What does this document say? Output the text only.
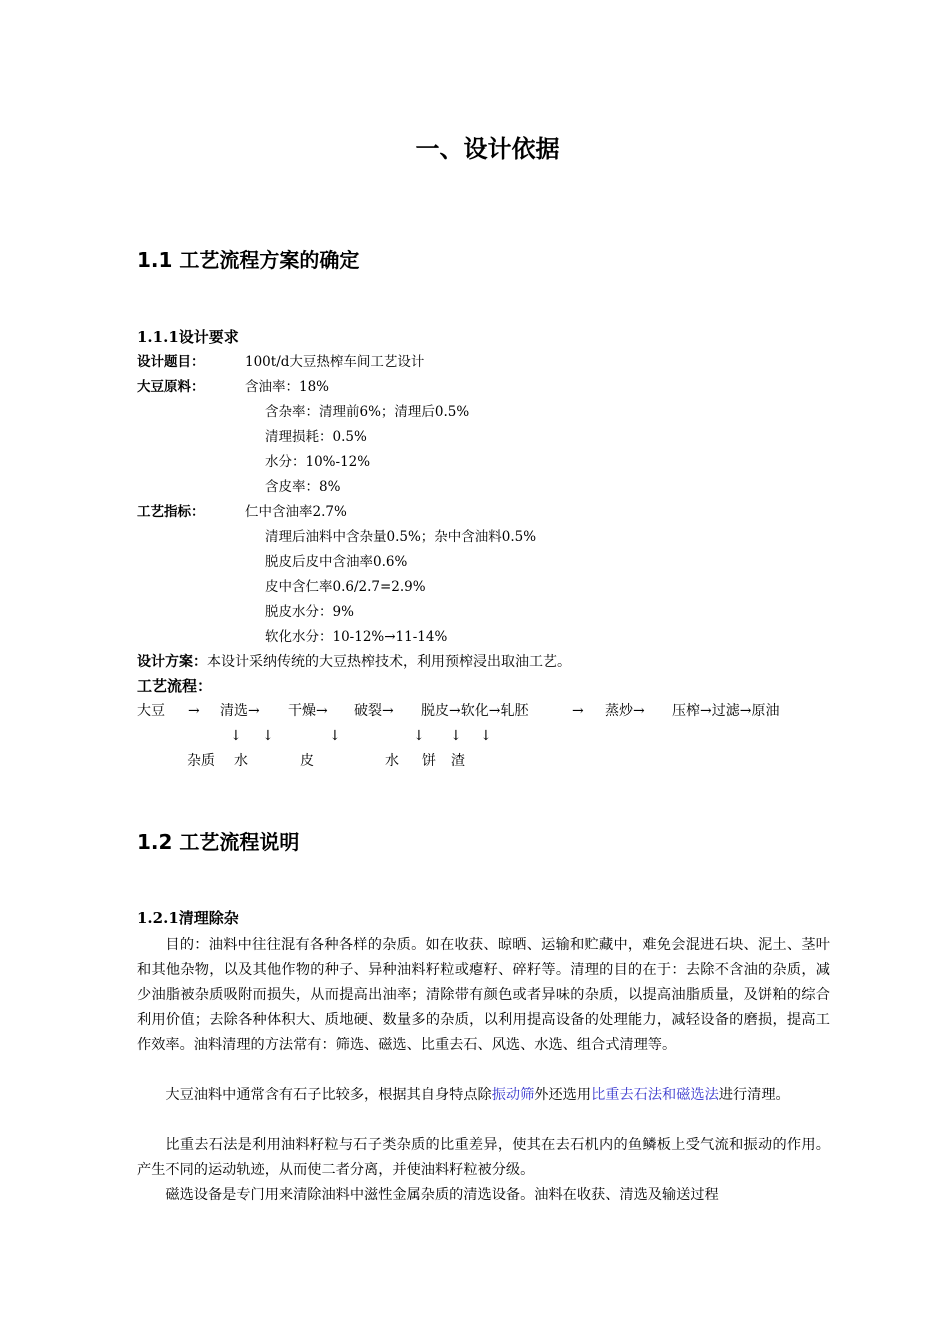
一、设计依据
1.1 工艺流程方案的确定
1.1.1设计要求
设计题目：	100t/d大豆热榨车间工艺设计
大豆原料：	含油率：18%
含杂率：清理前6%；清理后0.5%
清理损耗：0.5%
水分：10%-12%
含皮率：8%
工艺指标：	仁中含油率2.7%
清理后油料中含杂量0.5%；杂中含油料0.5%
脱皮后皮中含油率0.6%
皮中含仁率0.6/2.7=2.9%
脱皮水分：9%
软化水分：10-12%→11-14%
设计方案：本设计采纳传统的大豆热榨技术，利用预榨浸出取油工艺。
工艺流程：
大豆 → 清选→ 干燥→ 破裂→ 脱皮→软化→轧胚	→ 蒸炒→ 压榨→过滤→原油
↓ ↓	↓	↓ ↓ ↓
杂质 水	皮	水 饼 渣
1.2 工艺流程说明
1.2.1清理除杂

目的：油料中往往混有各种各样的杂质。如在收获、晾晒、运输和贮藏中，难免会混进石块、泥土、茎叶和其他杂物，以及其他作物的种子、异种油料籽粒或瘪籽、碎籽等。清理的目的在于：去除不含油的杂质，减少油脂被杂质吸附而损失，从而提高出油率；清除带有颜色或者异味的杂质，以提高油脂质量，及饼粕的综合利用价值；去除各种体积大、质地硬、数量多的杂质，以利用提高设备的处理能力，减轻设备的磨损，提高工作效率。油料清理的方法常有：筛选、磁选、比重去石、风选、水选、组合式清理等。

大豆油料中通常含有石子比较多，根据其自身特点除振动筛外还选用比重去石法和磁选法进行清理。

比重去石法是利用油料籽粒与石子类杂质的比重差异，使其在去石机内的鱼鳞板上受气流和振动的作用。产生不同的运动轨迹，从而使二者分离，并使油料籽粒被分级。

磁选设备是专门用来清除油料中滋性金属杂质的清选设备。油料在收获、清选及输送过程
